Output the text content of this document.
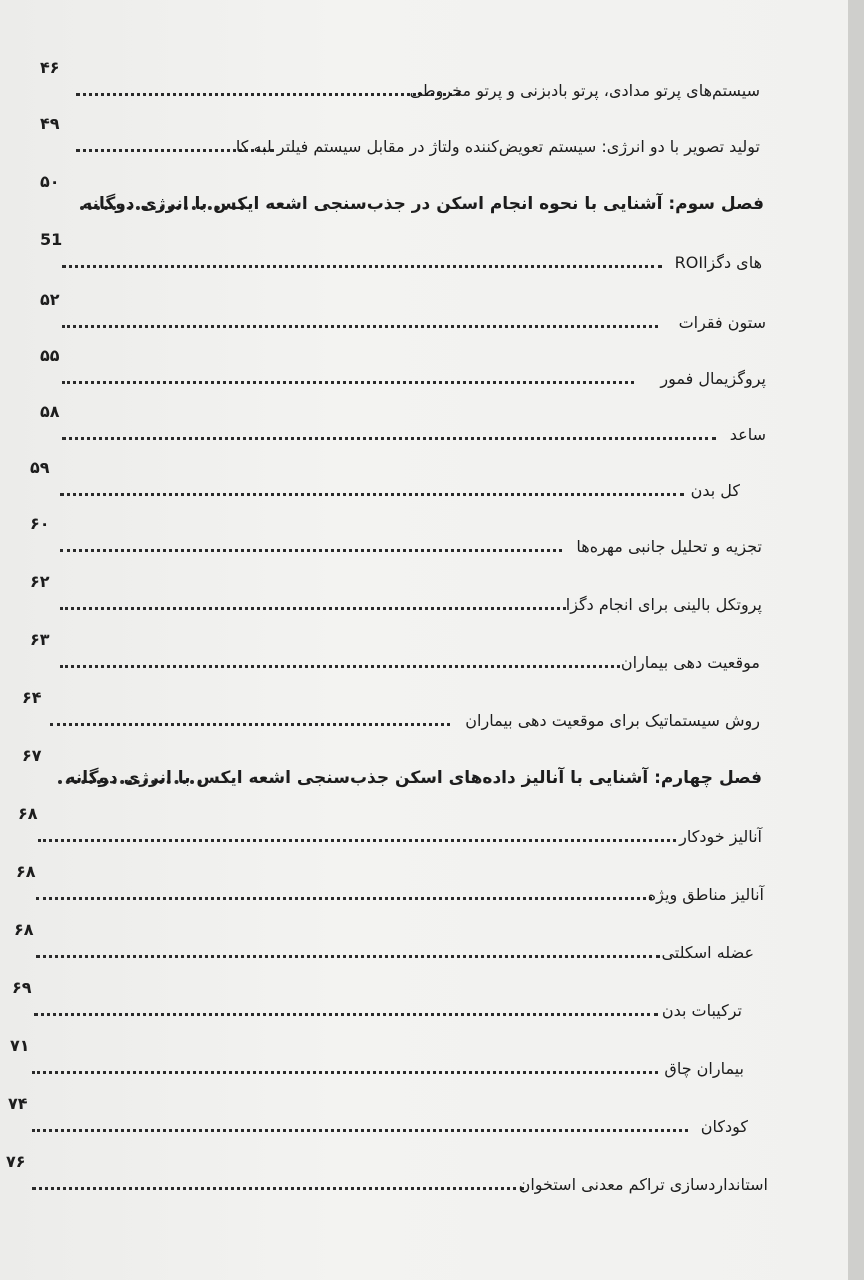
۴۶
سیستم‌های پرتو مدادی، پرتو بادبزنی و پرتو مخروطی
۴۹
تولید تصویر با دو انرژی: سیستم تعویض‌کننده ولتاژ در مقابل سیستم فیلتر لبه کا
۵۰
فصل سوم: آشنایی با نحوه انجام اسکن در جذب‌سنجی اشعه ایکس با انرژی دوگانه
51
ROI‌های دگزا
۵۲
ستون فقرات
۵۵
پروگزیمال فمور
۵۸
ساعد
۵۹
کل بدن
۶۰
تجزیه و تحلیل جانبی مهره‌ها
۶۲
پروتکل بالینی برای انجام دگزا
۶۳
موقعیت دهی بیماران
۶۴
روش سیستماتیک برای موقعیت دهی بیماران
۶۷
فصل چهارم: آشنایی با آنالیز داده‌های اسکن جذب‌سنجی اشعه ایکس با انرژی دوگانه
۶۸
آنالیز خودکار
۶۸
آنالیز مناطق ویژه
۶۸
عضله اسکلتی
۶۹
ترکیبات بدن
۷۱
بیماران چاق
۷۴
کودکان
۷۶
استانداردسازی تراکم معدنی استخوان
